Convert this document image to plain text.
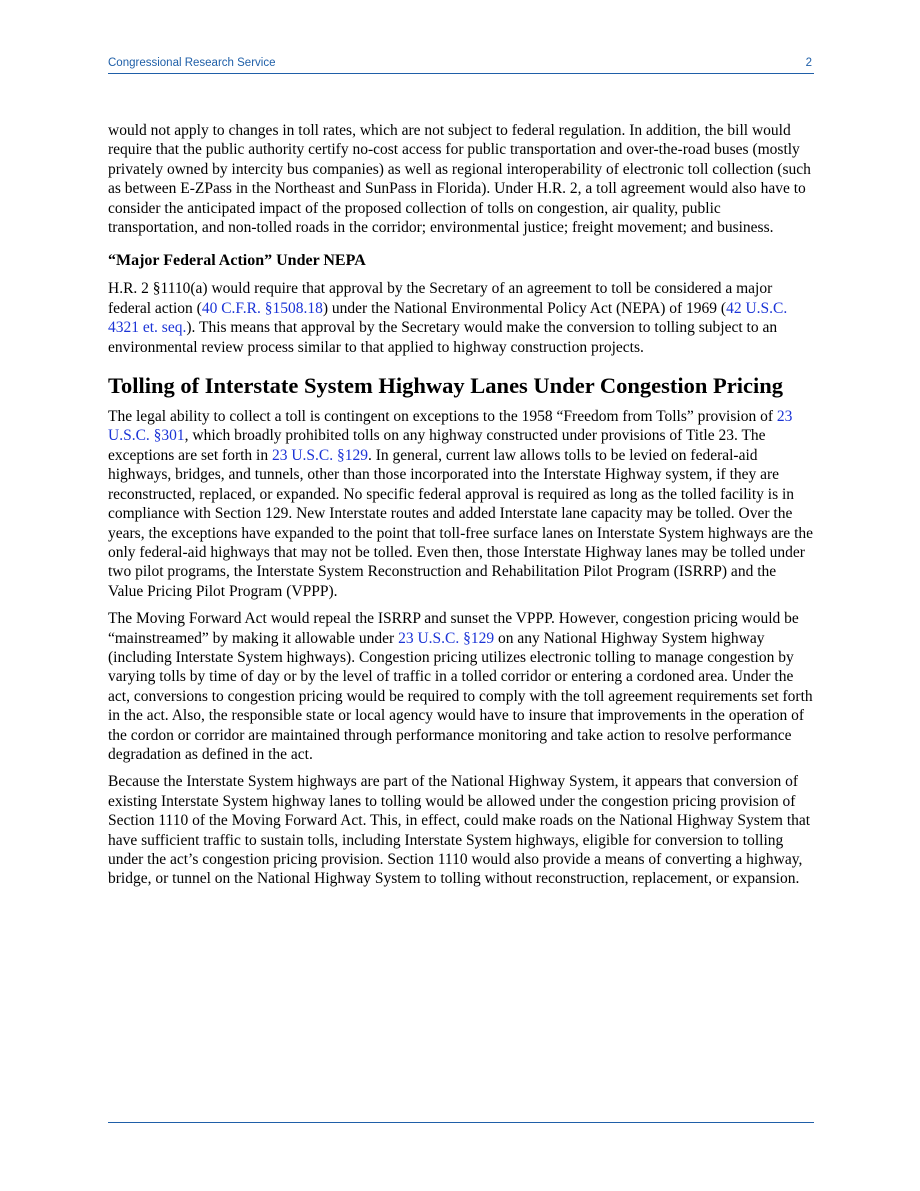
Congressional Research Service	2

would not apply to changes in toll rates, which are not subject to federal regulation. In addition, the bill would require that the public authority certify no-cost access for public transportation and over-the-road buses (mostly privately owned by intercity bus companies) as well as regional interoperability of electronic toll collection (such as between E-ZPass in the Northeast and SunPass in Florida). Under H.R. 2, a toll agreement would also have to consider the anticipated impact of the proposed collection of tolls on congestion, air quality, public transportation, and non-tolled roads in the corridor; environmental justice; freight movement; and business.

“Major Federal Action” Under NEPA

H.R. 2 §1110(a) would require that approval by the Secretary of an agreement to toll be considered a major federal action (40 C.F.R. §1508.18) under the National Environmental Policy Act (NEPA) of 1969 (42 U.S.C. 4321 et. seq.). This means that approval by the Secretary would make the conversion to tolling subject to an environmental review process similar to that applied to highway construction projects.

Tolling of Interstate System Highway Lanes Under Congestion Pricing

The legal ability to collect a toll is contingent on exceptions to the 1958 “Freedom from Tolls” provision of 23 U.S.C. §301, which broadly prohibited tolls on any highway constructed under provisions of Title 23. The exceptions are set forth in 23 U.S.C. §129. In general, current law allows tolls to be levied on federal-aid highways, bridges, and tunnels, other than those incorporated into the Interstate Highway system, if they are reconstructed, replaced, or expanded. No specific federal approval is required as long as the tolled facility is in compliance with Section 129. New Interstate routes and added Interstate lane capacity may be tolled. Over the years, the exceptions have expanded to the point that toll-free surface lanes on Interstate System highways are the only federal-aid highways that may not be tolled. Even then, those Interstate Highway lanes may be tolled under two pilot programs, the Interstate System Reconstruction and Rehabilitation Pilot Program (ISRRP) and the Value Pricing Pilot Program (VPPP).

The Moving Forward Act would repeal the ISRRP and sunset the VPPP. However, congestion pricing would be “mainstreamed” by making it allowable under 23 U.S.C. §129 on any National Highway System highway (including Interstate System highways). Congestion pricing utilizes electronic tolling to manage congestion by varying tolls by time of day or by the level of traffic in a tolled corridor or entering a cordoned area. Under the act, conversions to congestion pricing would be required to comply with the toll agreement requirements set forth in the act. Also, the responsible state or local agency would have to insure that improvements in the operation of the cordon or corridor are maintained through performance monitoring and take action to resolve performance degradation as defined in the act.

Because the Interstate System highways are part of the National Highway System, it appears that conversion of existing Interstate System highway lanes to tolling would be allowed under the congestion pricing provision of Section 1110 of the Moving Forward Act. This, in effect, could make roads on the National Highway System that have sufficient traffic to sustain tolls, including Interstate System highways, eligible for conversion to tolling under the act’s congestion pricing provision. Section 1110 would also provide a means of converting a highway, bridge, or tunnel on the National Highway System to tolling without reconstruction, replacement, or expansion.
